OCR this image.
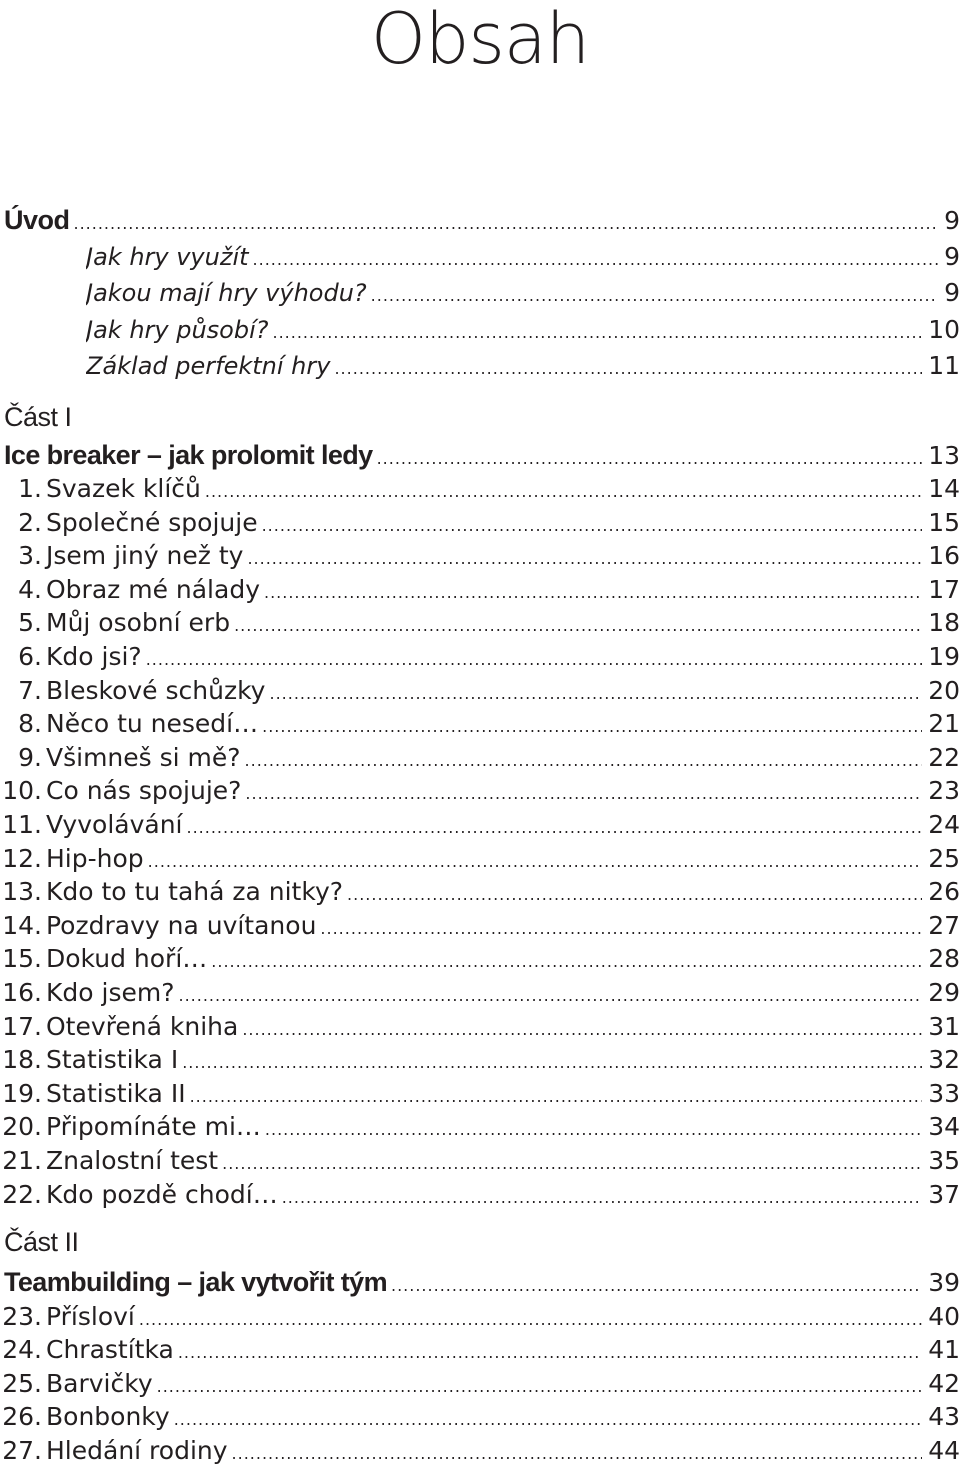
Obsah
Úvod .....	9
Jak hry využít .....	9
Jakou mají hry výhodu? .....	9
Jak hry působí? .....	10
Základ perfektní hry .....	11
Část I
Ice breaker – jak prolomit ledy .....	13
1. Svazek klíčů .....	14
2. Společné spojuje .....	15
3. Jsem jiný než ty .....	16
4. Obraz mé nálady .....	17
5. Můj osobní erb .....	18
6. Kdo jsi? .....	19
7. Bleskové schůzky .....	20
8. Něco tu nesedí… .....	21
9. Všimneš si mě? .....	22
10. Co nás spojuje? .....	23
11. Vyvolávání .....	24
12. Hip-hop .....	25
13. Kdo to tu tahá za nitky? .....	26
14. Pozdravy na uvítanou .....	27
15. Dokud hoří… .....	28
16. Kdo jsem? .....	29
17. Otevřená kniha .....	31
18. Statistika I .....	32
19. Statistika II .....	33
20. Připomínáte mi… .....	34
21. Znalostní test .....	35
22. Kdo pozdě chodí… .....	37
Část II
Teambuilding – jak vytvořit tým .....	39
23. Přísloví .....	40
24. Chrastítka .....	41
25. Barvičky .....	42
26. Bonbonky .....	43
27. Hledání rodiny .....	44
